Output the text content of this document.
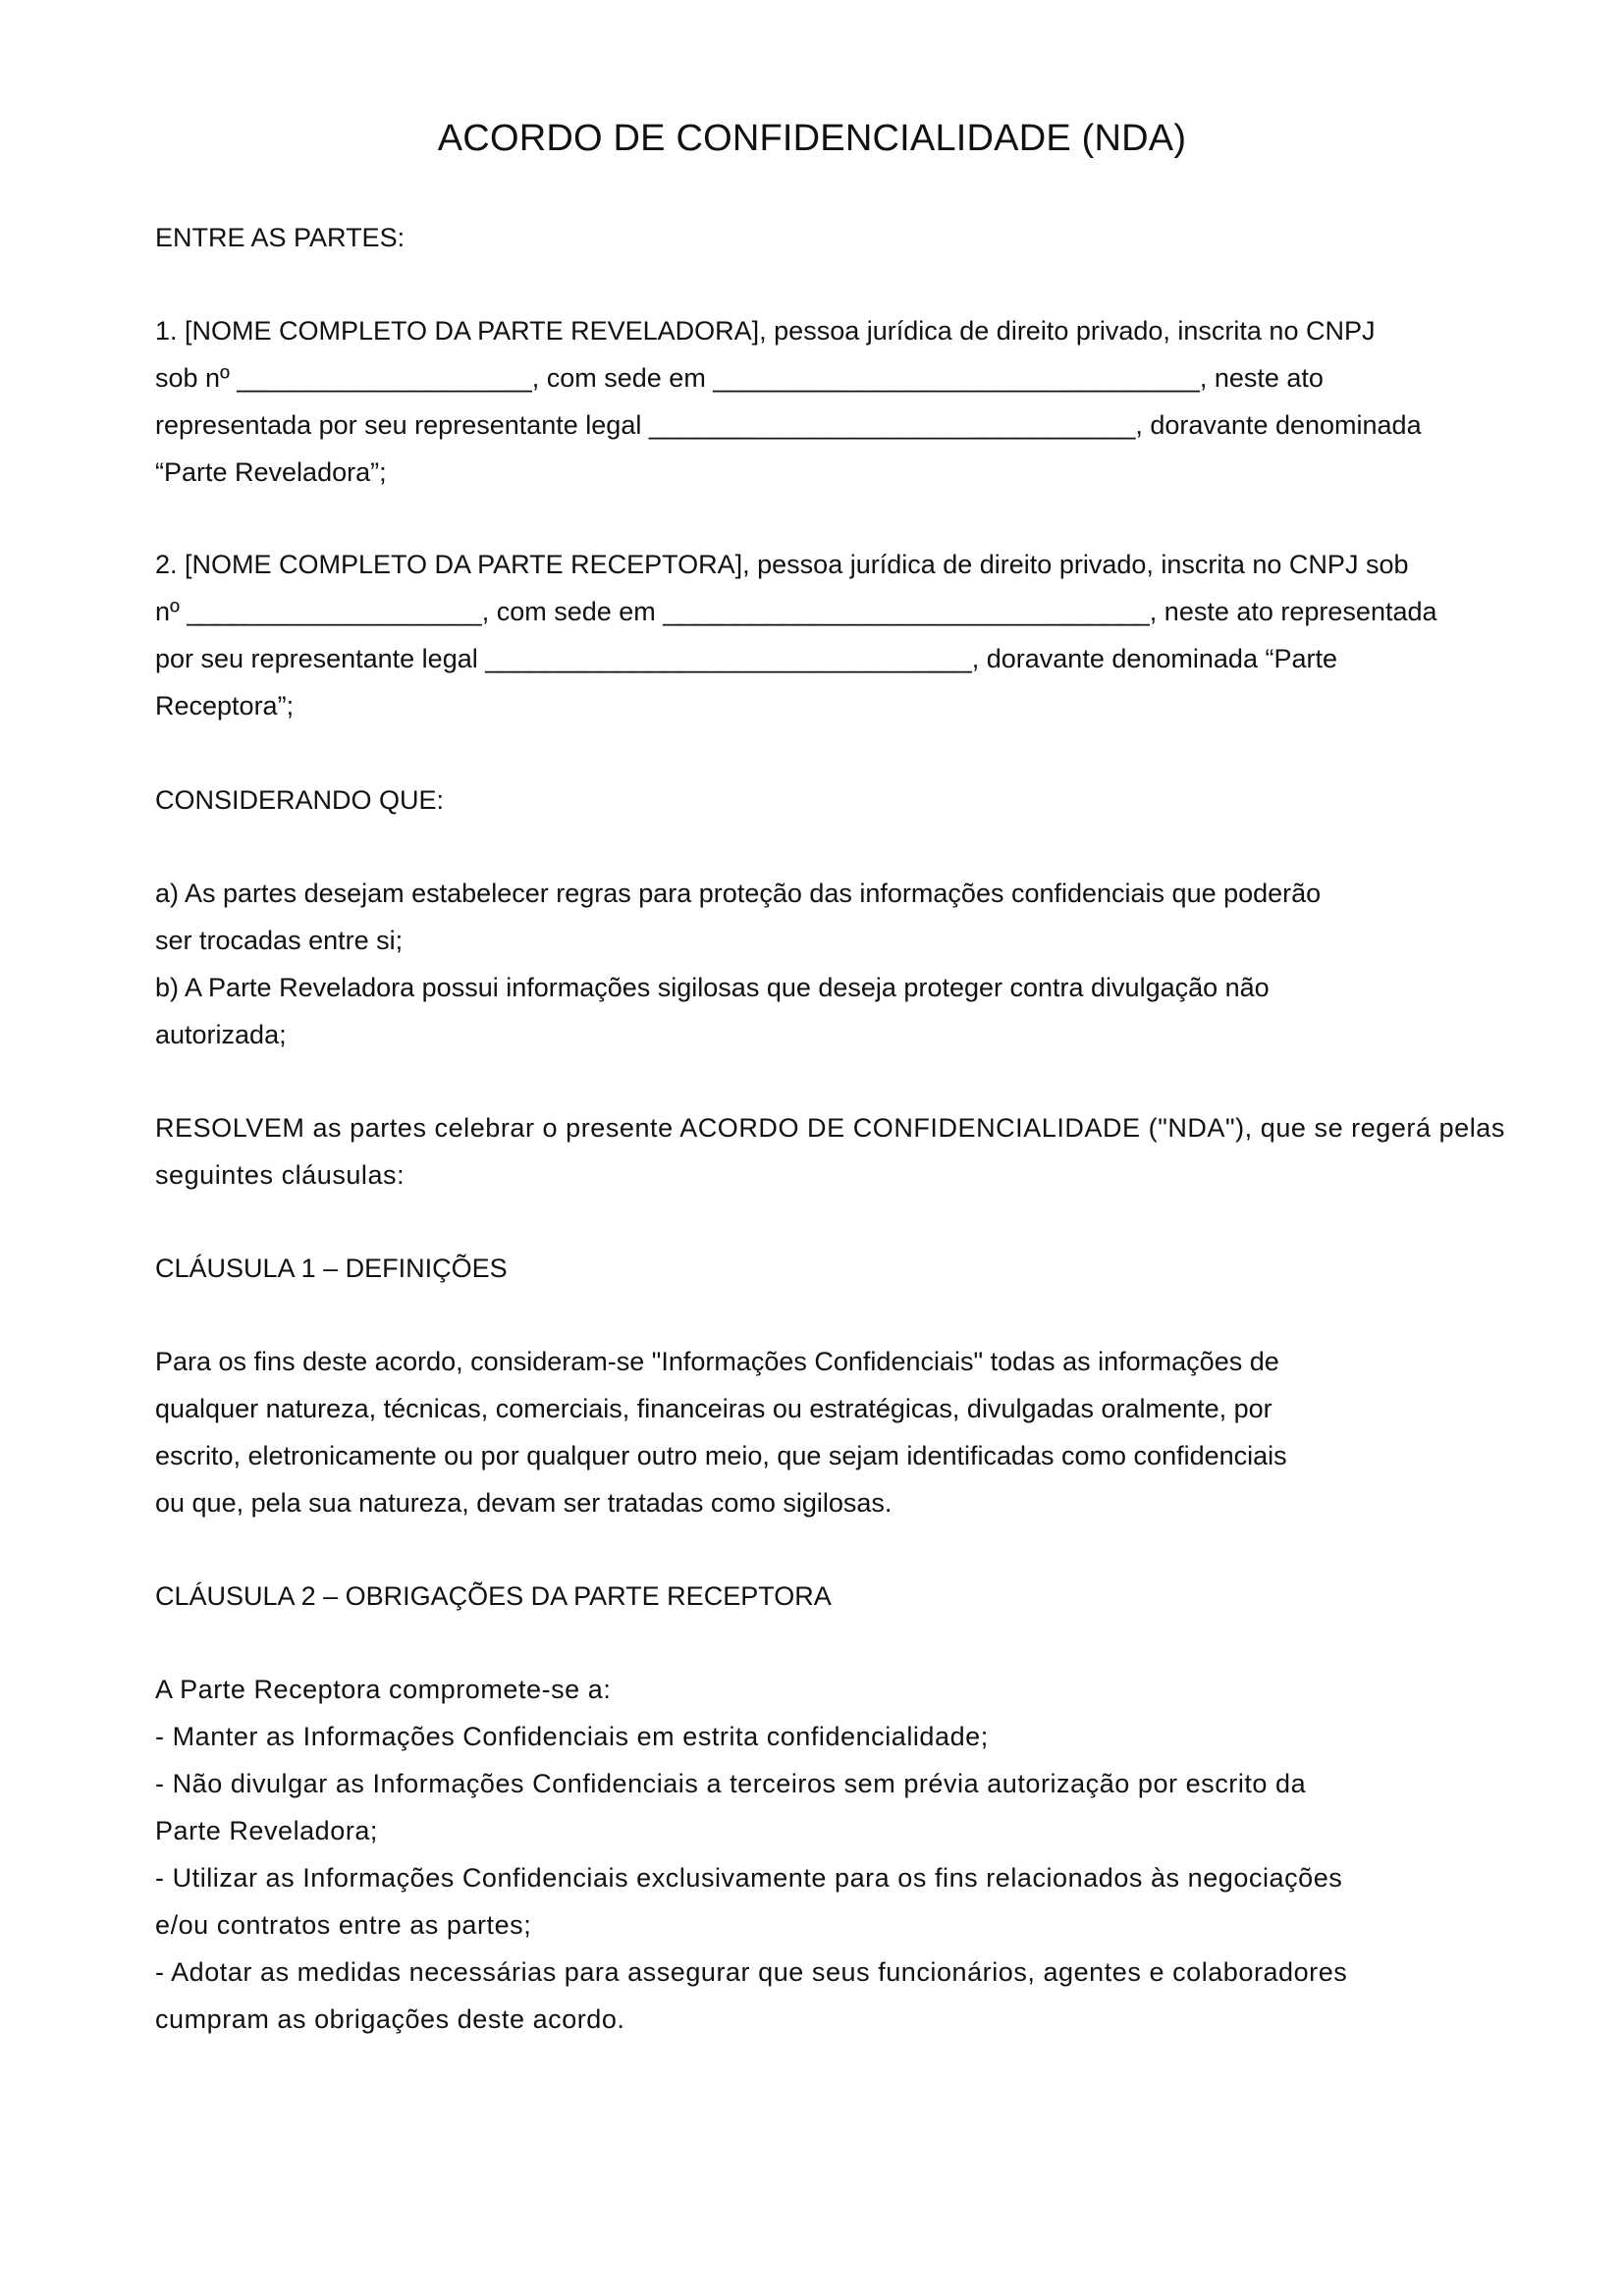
ACORDO DE CONFIDENCIALIDADE (NDA)

ENTRE AS PARTES:

1. [NOME COMPLETO DA PARTE REVELADORA], pessoa jurídica de direito privado, inscrita no CNPJ

sob nº ____________________, com sede em _________________________________, neste ato

representada por seu representante legal _________________________________, doravante denominada

“Parte Reveladora”;

2. [NOME COMPLETO DA PARTE RECEPTORA], pessoa jurídica de direito privado, inscrita no CNPJ sob

nº ____________________, com sede em _________________________________, neste ato representada

por seu representante legal _________________________________, doravante denominada “Parte

Receptora”;

CONSIDERANDO QUE:

a) As partes desejam estabelecer regras para proteção das informações confidenciais que poderão

ser trocadas entre si;

b) A Parte Reveladora possui informações sigilosas que deseja proteger contra divulgação não

autorizada;

RESOLVEM as partes celebrar o presente ACORDO DE CONFIDENCIALIDADE ("NDA"), que se regerá pelas

seguintes cláusulas:

CLÁUSULA 1 – DEFINIÇÕES

Para os fins deste acordo, consideram-se "Informações Confidenciais" todas as informações de

qualquer natureza, técnicas, comerciais, financeiras ou estratégicas, divulgadas oralmente, por

escrito, eletronicamente ou por qualquer outro meio, que sejam identificadas como confidenciais

ou que, pela sua natureza, devam ser tratadas como sigilosas.

CLÁUSULA 2 – OBRIGAÇÕES DA PARTE RECEPTORA

A Parte Receptora compromete-se a:

- Manter as Informações Confidenciais em estrita confidencialidade;

- Não divulgar as Informações Confidenciais a terceiros sem prévia autorização por escrito da

Parte Reveladora;

- Utilizar as Informações Confidenciais exclusivamente para os fins relacionados às negociações

e/ou contratos entre as partes;

- Adotar as medidas necessárias para assegurar que seus funcionários, agentes e colaboradores

cumpram as obrigações deste acordo.
